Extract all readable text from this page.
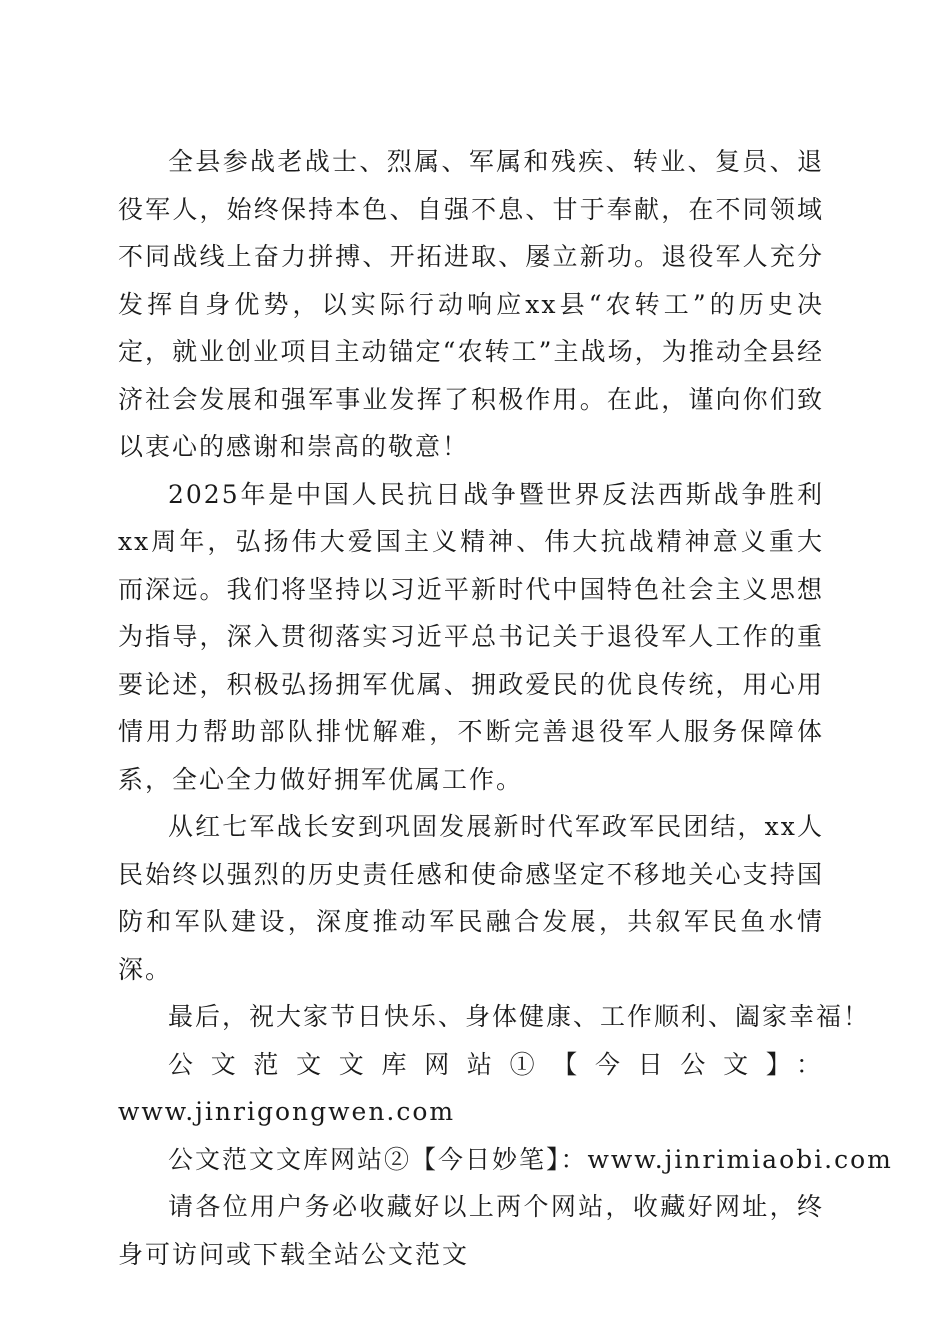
全县参战老战士、烈属、军属和残疾、转业、复员、退役军人，始终保持本色、自强不息、甘于奉献，在不同领域不同战线上奋力拼搏、开拓进取、屡立新功。退役军人充分发挥自身优势，以实际行动响应xx县“农转工”的历史决定，就业创业项目主动锚定“农转工”主战场，为推动全县经济社会发展和强军事业发挥了积极作用。在此，谨向你们致以衷心的感谢和崇高的敬意！

2025年是中国人民抗日战争暨世界反法西斯战争胜利xx周年，弘扬伟大爱国主义精神、伟大抗战精神意义重大而深远。我们将坚持以习近平新时代中国特色社会主义思想为指导，深入贯彻落实习近平总书记关于退役军人工作的重要论述，积极弘扬拥军优属、拥政爱民的优良传统，用心用情用力帮助部队排忧解难，不断完善退役军人服务保障体系，全心全力做好拥军优属工作。

从红七军战长安到巩固发展新时代军政军民团结，xx人民始终以强烈的历史责任感和使命感坚定不移地关心支持国防和军队建设，深度推动军民融合发展，共叙军民鱼水情深。

最后，祝大家节日快乐、身体健康、工作顺利、阖家幸福！

公文范文文库网站①【今日公文】：
www.jinrigongwen.com

公文范文文库网站②【今日妙笔】：www.jinrimiaobi.com

请各位用户务必收藏好以上两个网站，收藏好网址，终身可访问或下载全站公文范文
